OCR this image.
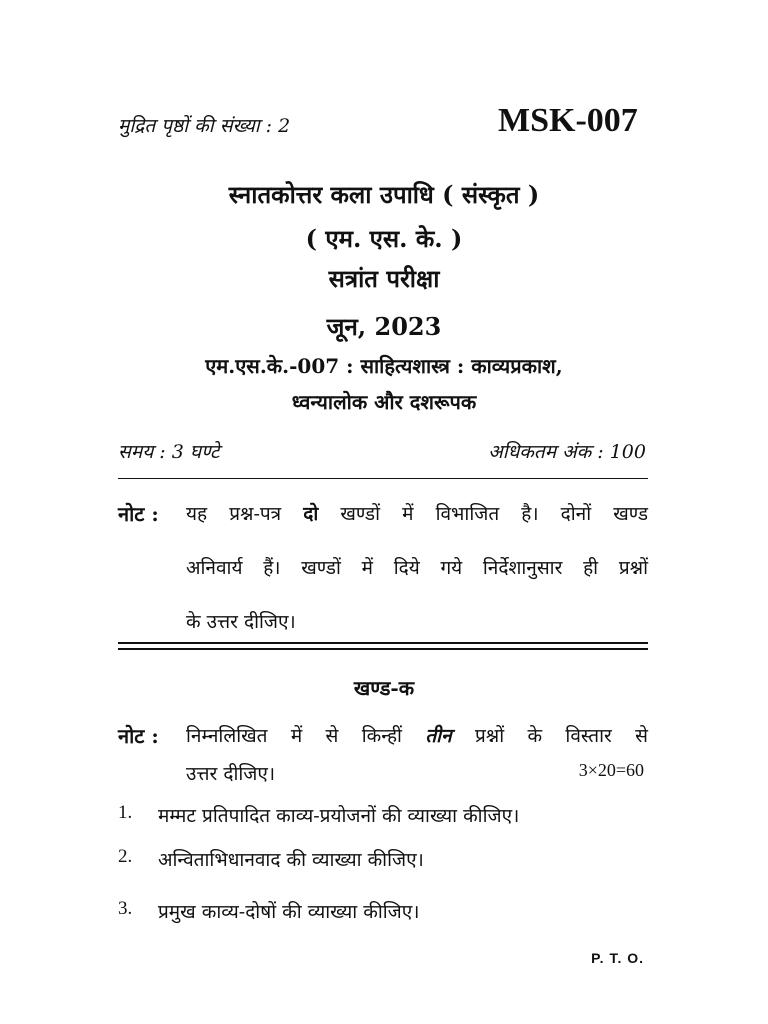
मुद्रित पृष्ठों की संख्या : 2	MSK-007
स्नातकोत्तर कला उपाधि ( संस्कृत )
( एम. एस. के. )
सत्रांत परीक्षा
जून, 2023
एम.एस.के.-007 : साहित्यशास्त्र : काव्यप्रकाश,
ध्वन्यालोक और दशरूपक
समय : 3 घण्टे	अधिकतम अंक : 100
नोट : यह प्रश्न-पत्र दो खण्डों में विभाजित है। दोनों खण्ड
अनिवार्य हैं। खण्डों में दिये गये निर्देशानुसार ही प्रश्नों
के उत्तर दीजिए।
खण्ड-क
नोट : निम्नलिखित में से किन्हीं तीन प्रश्नों के विस्तार से
उत्तर दीजिए।	3×20=60
1. मम्मट प्रतिपादित काव्य-प्रयोजनों की व्याख्या कीजिए।
2. अन्विताभिधानवाद की व्याख्या कीजिए।
3. प्रमुख काव्य-दोषों की व्याख्या कीजिए।
P. T. O.
